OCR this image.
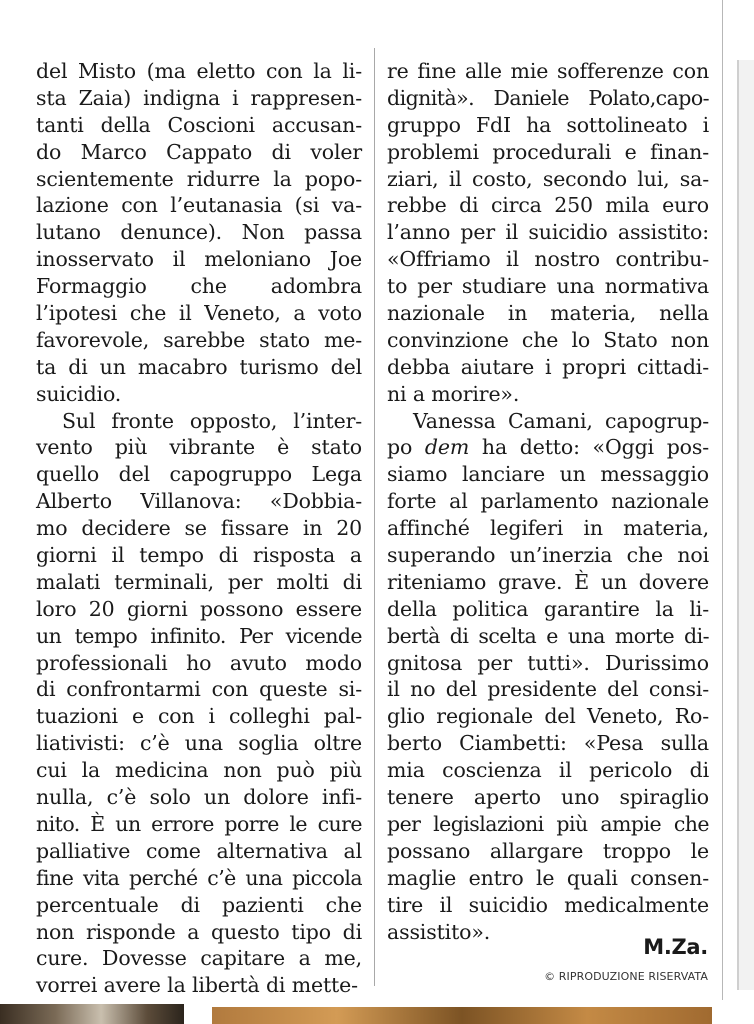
del Misto (ma eletto con la li-
sta Zaia) indigna i rappresen-
tanti della Coscioni accusan-
do Marco Cappato di voler
scientemente ridurre la popo-
lazione con l’eutanasia (si va-
lutano denunce). Non passa
inosservato il meloniano Joe
Formaggio che adombra
l’ipotesi che il Veneto, a voto
favorevole, sarebbe stato me-
ta di un macabro turismo del
suicidio.
Sul fronte opposto, l’inter-
vento più vibrante è stato
quello del capogruppo Lega
Alberto Villanova: «Dobbia-
mo decidere se fissare in 20
giorni il tempo di risposta a
malati terminali, per molti di
loro 20 giorni possono essere
un tempo infinito. Per vicende
professionali ho avuto modo
di confrontarmi con queste si-
tuazioni e con i colleghi pal-
liativisti: c’è una soglia oltre
cui la medicina non può più
nulla, c’è solo un dolore infi-
nito. È un errore porre le cure
palliative come alternativa al
fine vita perché c’è una piccola
percentuale di pazienti che
non risponde a questo tipo di
cure. Dovesse capitare a me,
vorrei avere la libertà di mette-
re fine alle mie sofferenze con
dignità». Daniele Polato,capo-
gruppo FdI ha sottolineato i
problemi procedurali e finan-
ziari, il costo, secondo lui, sa-
rebbe di circa 250 mila euro
l’anno per il suicidio assistito:
«Offriamo il nostro contribu-
to per studiare una normativa
nazionale in materia, nella
convinzione che lo Stato non
debba aiutare i propri cittadi-
ni a morire».
Vanessa Camani, capogrup-
po dem ha detto: «Oggi pos-
siamo lanciare un messaggio
forte al parlamento nazionale
affinché legiferi in materia,
superando un’inerzia che noi
riteniamo grave. È un dovere
della politica garantire la li-
bertà di scelta e una morte di-
gnitosa per tutti». Durissimo
il no del presidente del consi-
glio regionale del Veneto, Ro-
berto Ciambetti: «Pesa sulla
mia coscienza il pericolo di
tenere aperto uno spiraglio
per legislazioni più ampie che
possano allargare troppo le
maglie entro le quali consen-
tire il suicidio medicalmente
assistito».
M.Za.
© RIPRODUZIONE RISERVATA
